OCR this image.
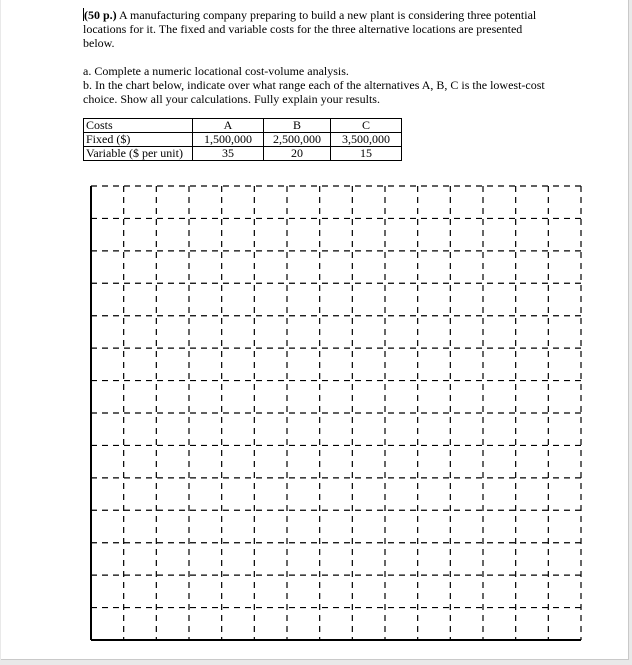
(50 p.) A manufacturing company preparing to build a new plant is considering three potential locations for it. The fixed and variable costs for the three alternative locations are presented below.

a. Complete a numeric locational cost-volume analysis.
b. In the chart below, indicate over what range each of the alternatives A, B, C is the lowest-cost choice. Show all your calculations. Fully explain your results.

Costs	A	B	C
Fixed ($)	1,500,000	2,500,000	3,500,000
Variable ($ per unit)	35	20	15
